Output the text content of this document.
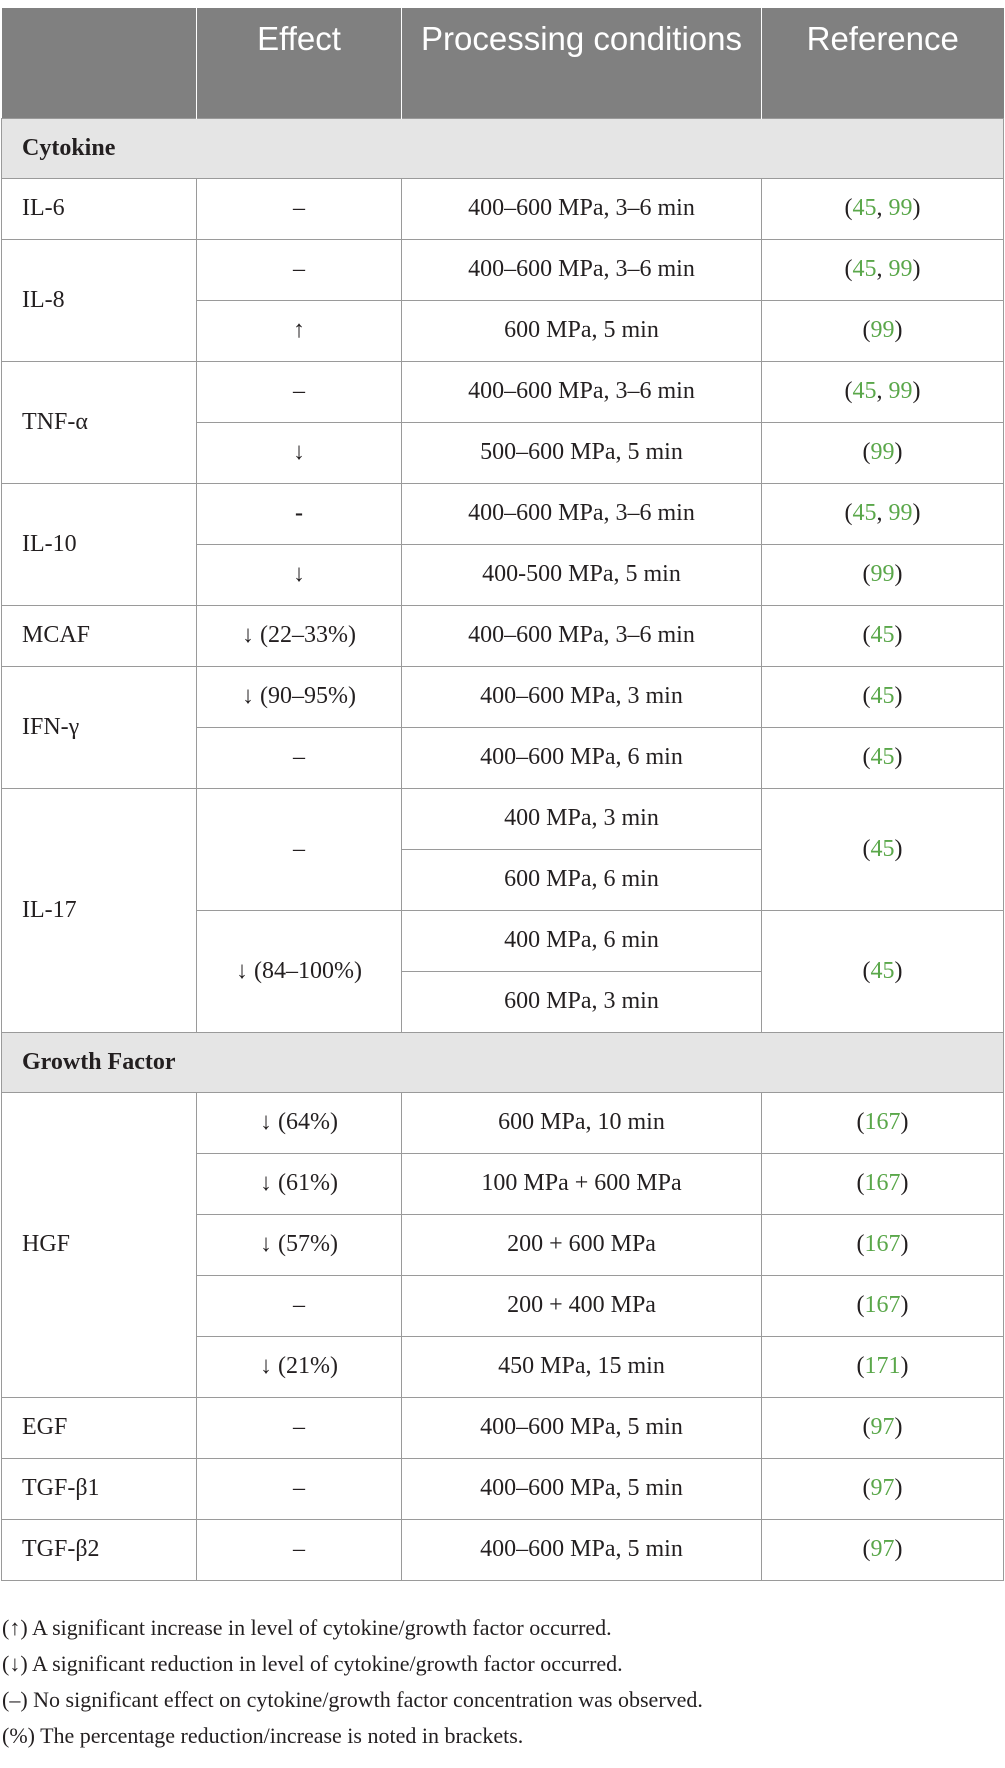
	Effect	Processing conditions	Reference

Cytokine			
IL-6	–	400–600 MPa, 3–6 min	(45, 99)
IL-8	–	400–600 MPa, 3–6 min	(45, 99)
	↑	600 MPa, 5 min	(99)
TNF-α	–	400–600 MPa, 3–6 min	(45, 99)
	↓	500–600 MPa, 5 min	(99)
IL-10	-	400–600 MPa, 3–6 min	(45, 99)
	↓	400-500 MPa, 5 min	(99)
MCAF	↓ (22–33%)	400–600 MPa, 3–6 min	(45)
IFN-γ	↓ (90–95%)	400–600 MPa, 3 min	(45)
	–	400–600 MPa, 6 min	(45)
IL-17	–	400 MPa, 3 min	(45)
		600 MPa, 6 min	
	↓ (84–100%)	400 MPa, 6 min	(45)
		600 MPa, 3 min	
Growth Factor			
HGF	↓ (64%)	600 MPa, 10 min	(167)
	↓ (61%)	100 MPa + 600 MPa	(167)
	↓ (57%)	200 + 600 MPa	(167)
	–	200 + 400 MPa	(167)
	↓ (21%)	450 MPa, 15 min	(171)
EGF	–	400–600 MPa, 5 min	(97)
TGF-β1	–	400–600 MPa, 5 min	(97)
TGF-β2	–	400–600 MPa, 5 min	(97)
(↑) A significant increase in level of cytokine/growth factor occurred.
(↓) A significant reduction in level of cytokine/growth factor occurred.
(–) No significant effect on cytokine/growth factor concentration was observed.
(%) The percentage reduction/increase is noted in brackets.
